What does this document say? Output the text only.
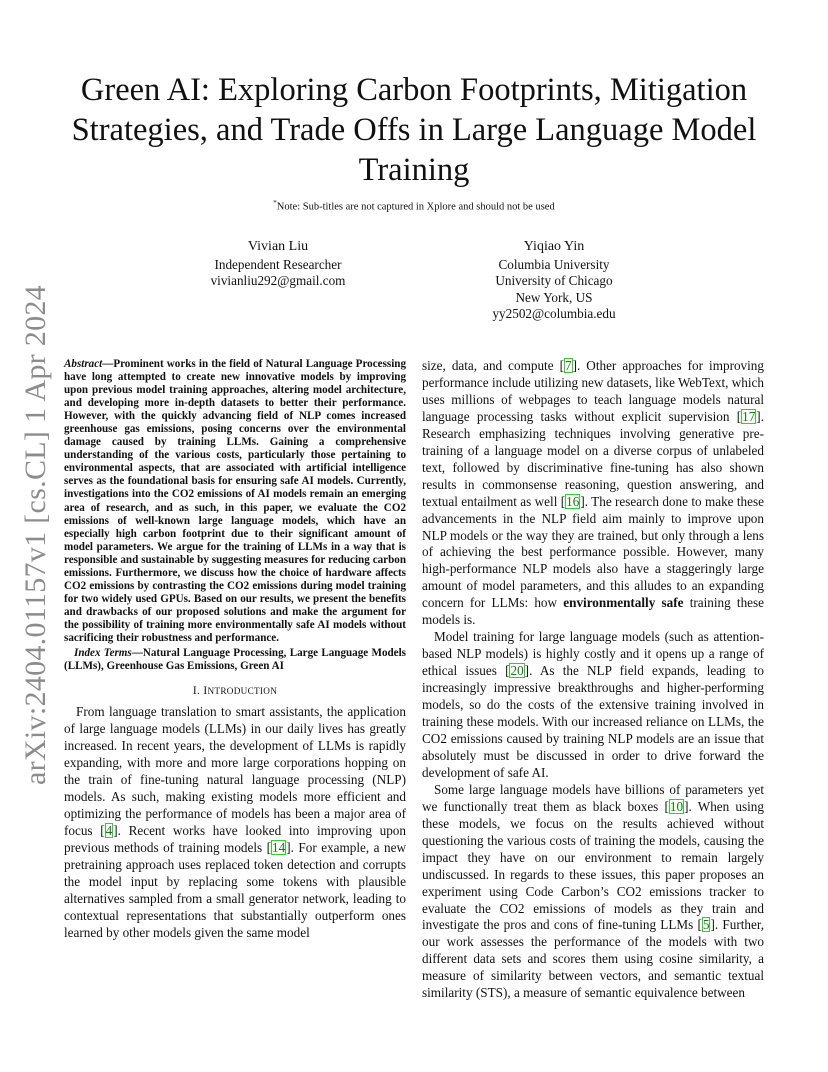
arXiv:2404.01157v1 [cs.CL] 1 Apr 2024
Green AI: Exploring Carbon Footprints, Mitigation Strategies, and Trade Offs in Large Language Model Training
*Note: Sub-titles are not captured in Xplore and should not be used
Vivian Liu
Independent Researcher
vivianliu292@gmail.com
Yiqiao Yin
Columbia University
University of Chicago
New York, US
yy2502@columbia.edu

Abstract—Prominent works in the field of Natural Language Processing have long attempted to create new innovative models by improving upon previous model training approaches, altering model architecture, and developing more in-depth datasets to better their performance. However, with the quickly advancing field of NLP comes increased greenhouse gas emissions, posing concerns over the environmental damage caused by training LLMs. Gaining a comprehensive understanding of the various costs, particularly those pertaining to environmental aspects, that are associated with artificial intelligence serves as the foundational basis for ensuring safe AI models. Currently, investigations into the CO2 emissions of AI models remain an emerging area of research, and as such, in this paper, we evaluate the CO2 emissions of well-known large language models, which have an especially high carbon footprint due to their significant amount of model parameters. We argue for the training of LLMs in a way that is responsible and sustainable by suggesting measures for reducing carbon emissions. Furthermore, we discuss how the choice of hardware affects CO2 emissions by contrasting the CO2 emissions during model training for two widely used GPUs. Based on our results, we present the benefits and drawbacks of our proposed solutions and make the argument for the possibility of training more environmentally safe AI models without sacrificing their robustness and performance.

Index Terms—Natural Language Processing, Large Language Models (LLMs), Greenhouse Gas Emissions, Green AI

I. INTRODUCTION

From language translation to smart assistants, the application of large language models (LLMs) in our daily lives has greatly increased. In recent years, the development of LLMs is rapidly expanding, with more and more large corporations hopping on the train of fine-tuning natural language processing (NLP) models. As such, making existing models more efficient and optimizing the performance of models has been a major area of focus [4]. Recent works have looked into improving upon previous methods of training models [14]. For example, a new pretraining approach uses replaced token detection and corrupts the model input by replacing some tokens with plausible alternatives sampled from a small generator network, leading to contextual representations that substantially outperform ones learned by other models given the same model

size, data, and compute [7]. Other approaches for improving performance include utilizing new datasets, like WebText, which uses millions of webpages to teach language models natural language processing tasks without explicit supervision [17]. Research emphasizing techniques involving generative pre-training of a language model on a diverse corpus of unlabeled text, followed by discriminative fine-tuning has also shown results in commonsense reasoning, question answering, and textual entailment as well [16]. The research done to make these advancements in the NLP field aim mainly to improve upon NLP models or the way they are trained, but only through a lens of achieving the best performance possible. However, many high-performance NLP models also have a staggeringly large amount of model parameters, and this alludes to an expanding concern for LLMs: how environmentally safe training these models is.

Model training for large language models (such as attention-based NLP models) is highly costly and it opens up a range of ethical issues [20]. As the NLP field expands, leading to increasingly impressive breakthroughs and higher-performing models, so do the costs of the extensive training involved in training these models. With our increased reliance on LLMs, the CO2 emissions caused by training NLP models are an issue that absolutely must be discussed in order to drive forward the development of safe AI.

Some large language models have billions of parameters yet we functionally treat them as black boxes [10]. When using these models, we focus on the results achieved without questioning the various costs of training the models, causing the impact they have on our environment to remain largely undiscussed. In regards to these issues, this paper proposes an experiment using Code Carbon’s CO2 emissions tracker to evaluate the CO2 emissions of models as they train and investigate the pros and cons of fine-tuning LLMs [5]. Further, our work assesses the performance of the models with two different data sets and scores them using cosine similarity, a measure of similarity between vectors, and semantic textual similarity (STS), a measure of semantic equivalence between
